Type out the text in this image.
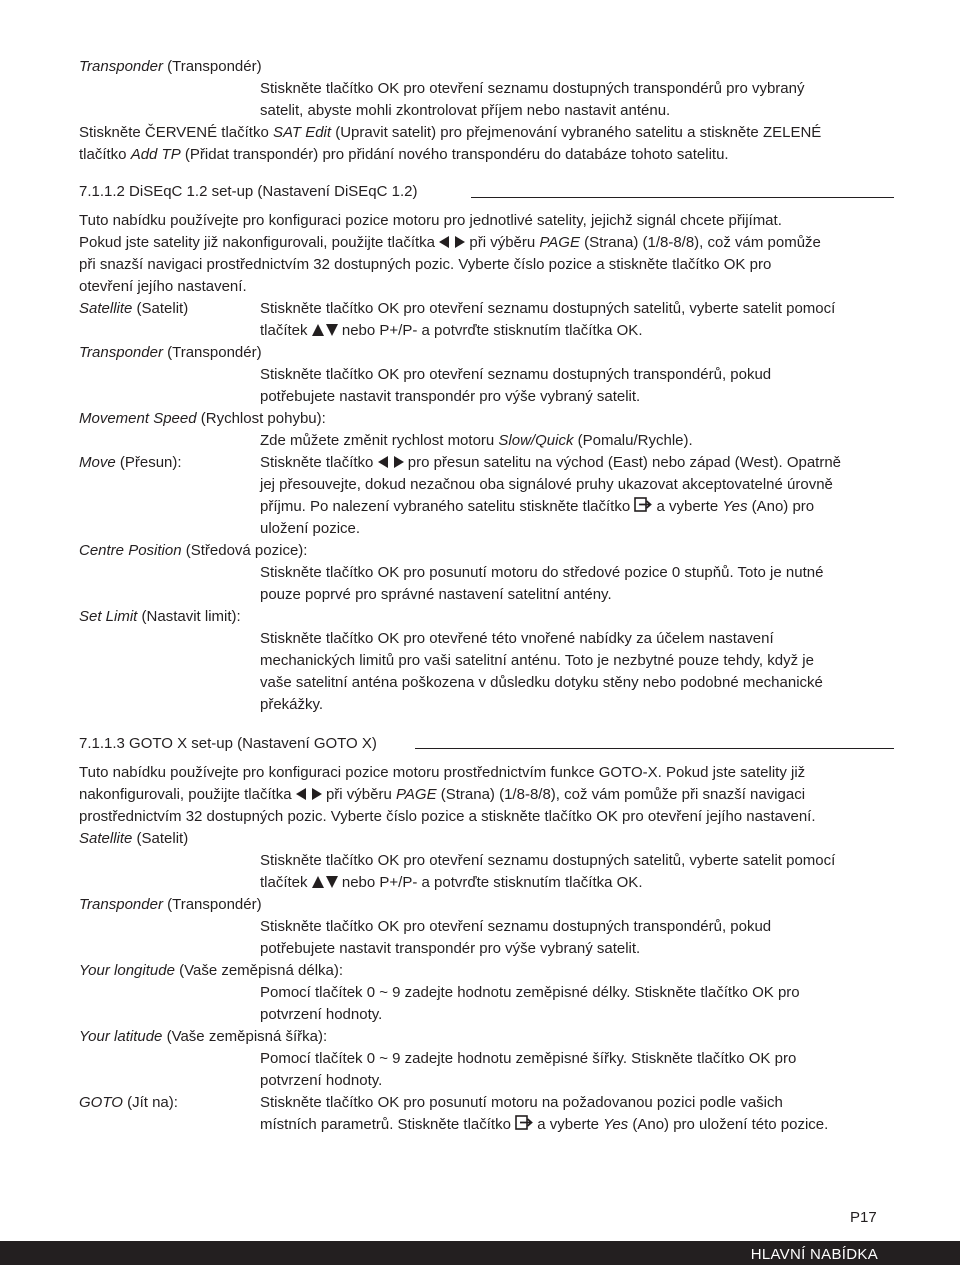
Transponder (Transpondér)
Stiskněte tlačítko OK pro otevření seznamu dostupných transpondérů pro vybraný
satelit, abyste mohli zkontrolovat příjem nebo nastavit anténu.
Stiskněte ČERVENÉ tlačítko SAT Edit (Upravit satelit) pro přejmenování vybraného satelitu a stiskněte ZELENÉ
tlačítko Add TP (Přidat transpondér) pro přidání nového transpondéru do databáze tohoto satelitu.
7.1.1.2 DiSEqC 1.2 set-up (Nastavení DiSEqC 1.2)
Tuto nabídku používejte pro konfiguraci pozice motoru pro jednotlivé satelity, jejichž signál chcete přijímat.
Pokud jste satelity již nakonfigurovali, použijte tlačítka  při výběru PAGE (Strana) (1/8-8/8), což vám pomůže
při snazší navigaci prostřednictvím 32 dostupných pozic. Vyberte číslo pozice a stiskněte tlačítko OK pro
otevření jejího nastavení.
Satellite (Satelit)	Stiskněte tlačítko OK pro otevření seznamu dostupných satelitů, vyberte satelit pomocí
tlačítek  nebo P+/P- a potvrďte stisknutím tlačítka OK.
Transponder (Transpondér)
Stiskněte tlačítko OK pro otevření seznamu dostupných transpondérů, pokud
potřebujete nastavit transpondér pro výše vybraný satelit.
Movement Speed (Rychlost pohybu):
Zde můžete změnit rychlost motoru Slow/Quick (Pomalu/Rychle).
Move (Přesun):	Stiskněte tlačítko  pro přesun satelitu na východ (East) nebo západ (West). Opatrně
jej přesouvejte, dokud nezačnou oba signálové pruhy ukazovat akceptovatelné úrovně
příjmu. Po nalezení vybraného satelitu stiskněte tlačítko  a vyberte Yes (Ano) pro
uložení pozice.
Centre Position (Středová pozice):
Stiskněte tlačítko OK pro posunutí motoru do středové pozice 0 stupňů. Toto je nutné
pouze poprvé pro správné nastavení satelitní antény.
Set Limit (Nastavit limit):
Stiskněte tlačítko OK pro otevřené této vnořené nabídky za účelem nastavení
mechanických limitů pro vaši satelitní anténu. Toto je nezbytné pouze tehdy, když je
vaše satelitní anténa poškozena v důsledku dotyku stěny nebo podobné mechanické
překážky.
7.1.1.3 GOTO X set-up (Nastavení GOTO X)
Tuto nabídku používejte pro konfiguraci pozice motoru prostřednictvím funkce GOTO-X. Pokud jste satelity již
nakonfigurovali, použijte tlačítka  při výběru PAGE (Strana) (1/8-8/8), což vám pomůže při snazší navigaci
prostřednictvím 32 dostupných pozic. Vyberte číslo pozice a stiskněte tlačítko OK pro otevření jejího nastavení.
Satellite (Satelit)
Stiskněte tlačítko OK pro otevření seznamu dostupných satelitů, vyberte satelit pomocí
tlačítek  nebo P+/P- a potvrďte stisknutím tlačítka OK.
Transponder (Transpondér)
Stiskněte tlačítko OK pro otevření seznamu dostupných transpondérů, pokud
potřebujete nastavit transpondér pro výše vybraný satelit.
Your longitude (Vaše zeměpisná délka):
Pomocí tlačítek 0 ~ 9 zadejte hodnotu zeměpisné délky. Stiskněte tlačítko OK pro
potvrzení hodnoty.
Your latitude (Vaše zeměpisná šířka):
Pomocí tlačítek 0 ~ 9 zadejte hodnotu zeměpisné šířky. Stiskněte tlačítko OK pro
potvrzení hodnoty.
GOTO (Jít na):	Stiskněte tlačítko OK pro posunutí motoru na požadovanou pozici podle vašich
místních parametrů. Stiskněte tlačítko  a vyberte Yes (Ano) pro uložení této pozice.
P17
HLAVNÍ NABÍDKA
